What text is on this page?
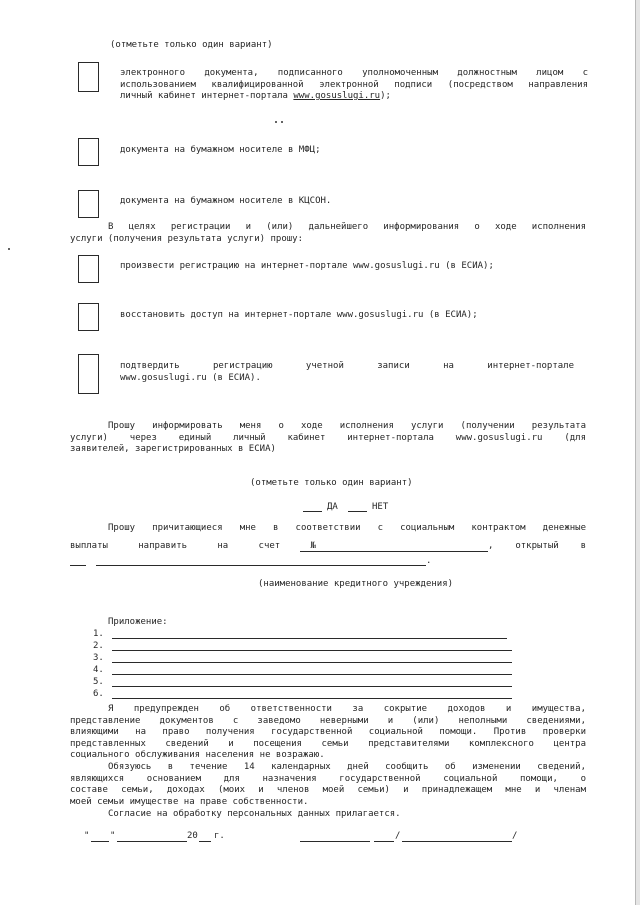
(отметьте только один вариант)
электронного документа, подписанного уполномоченным должностным лицом с
использованием квалифицированной электронной подписи (посредством направления
личный кабинет интернет-портала www.gosuslugi.ru);
документа на бумажном носителе в МФЦ;
документа на бумажном носителе в КЦСОН.
В целях регистрации и (или) дальнейшего информирования о ходе исполнения
услуги (получения результата услуги) прошу:
произвести регистрацию на интернет-портале www.gosuslugi.ru (в ЕСИА);
восстановить доступ на интернет-портале www.gosuslugi.ru (в ЕСИА);
подтвердить регистрацию учетной записи на интернет-портале
www.gosuslugi.ru (в ЕСИА).
Прошу информировать меня о ходе исполнения услуги (получении результата
услуги) через единый личный кабинет интернет-портала www.gosuslugi.ru (для
заявителей, зарегистрированных в ЕСИА)
(отметьте только один вариант)
ДА	НЕТ
Прошу причитающиеся мне в соответствии с социальным контрактом денежные
выплаты	направить	на	счет	№	, открытый в
.
(наименование кредитного учреждения)
Приложение:
1.
2.
3.
4.
5.
6.
Я предупрежден об ответственности за сокрытие доходов и имущества,
представление документов с заведомо неверными и (или) неполными сведениями,
влияющими на право получения государственной социальной помощи. Против проверки
представленных сведений и посещения семьи представителями комплексного центра
социального обслуживания населения не возражаю.
Обязуюсь в течение 14 календарных дней сообщить об изменении сведений,
являющихся основанием для назначения государственной социальной помощи, о
составе семьи, доходах (моих и членов моей семьи) и принадлежащем мне и членам
моей семьи имуществе на праве собственности.
Согласие на обработку персональных данных прилагается.
" "	20 г.	/	/
